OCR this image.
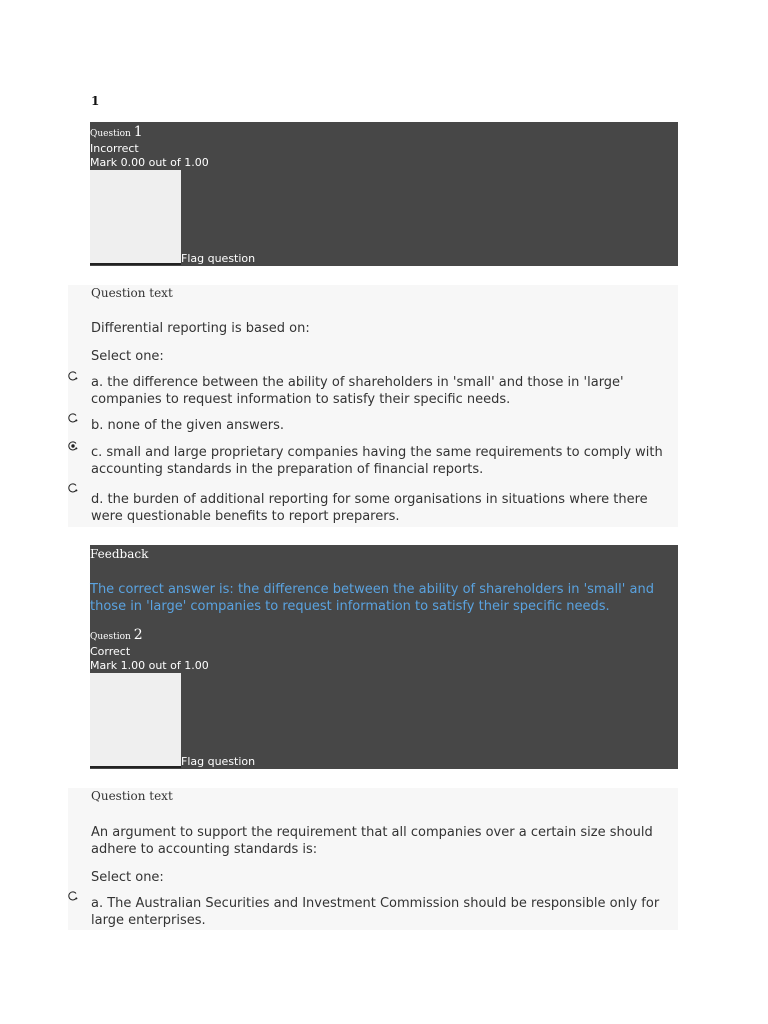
1
Question 1
Incorrect
Mark 0.00 out of 1.00
Flag question
Question text
Differential reporting is based on:
Select one:
a. the difference between the ability of shareholders in 'small' and those in 'large' companies to request information to satisfy their specific needs.
b. none of the given answers.
c. small and large proprietary companies having the same requirements to comply with accounting standards in the preparation of financial reports.
d. the burden of additional reporting for some organisations in situations where there were questionable benefits to report preparers.
Feedback
The correct answer is: the difference between the ability of shareholders in 'small' and those in 'large' companies to request information to satisfy their specific needs.
Question 2
Correct
Mark 1.00 out of 1.00
Flag question
Question text
An argument to support the requirement that all companies over a certain size should adhere to accounting standards is:
Select one:
a. The Australian Securities and Investment Commission should be responsible only for large enterprises.
